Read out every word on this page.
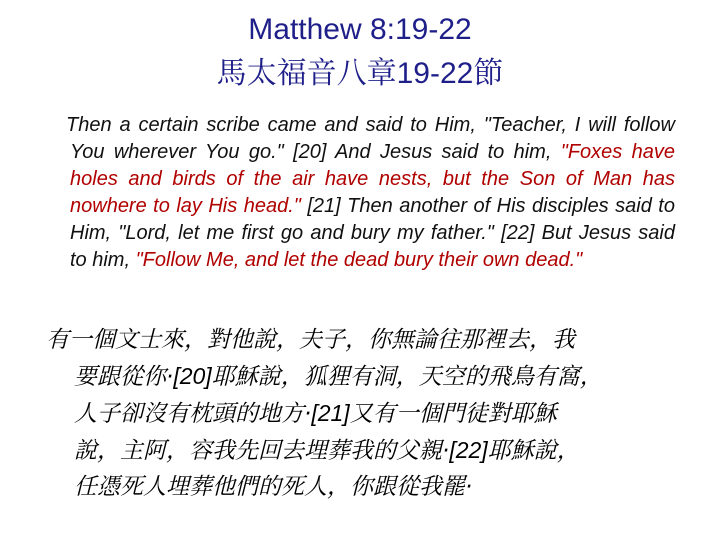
Matthew 8:19-22
馬太福音八章19-22節
Then a certain scribe came and said to Him, "Teacher, I will follow You wherever You go." [20] And Jesus said to him, "Foxes have holes and birds of the air have nests, but the Son of Man has nowhere to lay His head." [21] Then another of His disciples said to Him, "Lord, let me first go and bury my father." [22] But Jesus said to him, "Follow Me, and let the dead bury their own dead."
有一個文士來，對他說，夫子，你無論往那裡去，我
要跟從你·[20]耶穌說，狐狸有洞，天空的飛鳥有窩，
人子卻沒有枕頭的地方·[21]又有一個門徒對耶穌
說，主阿，容我先回去埋葬我的父親·[22]耶穌說，
任憑死人埋葬他們的死人，你跟從我罷·
